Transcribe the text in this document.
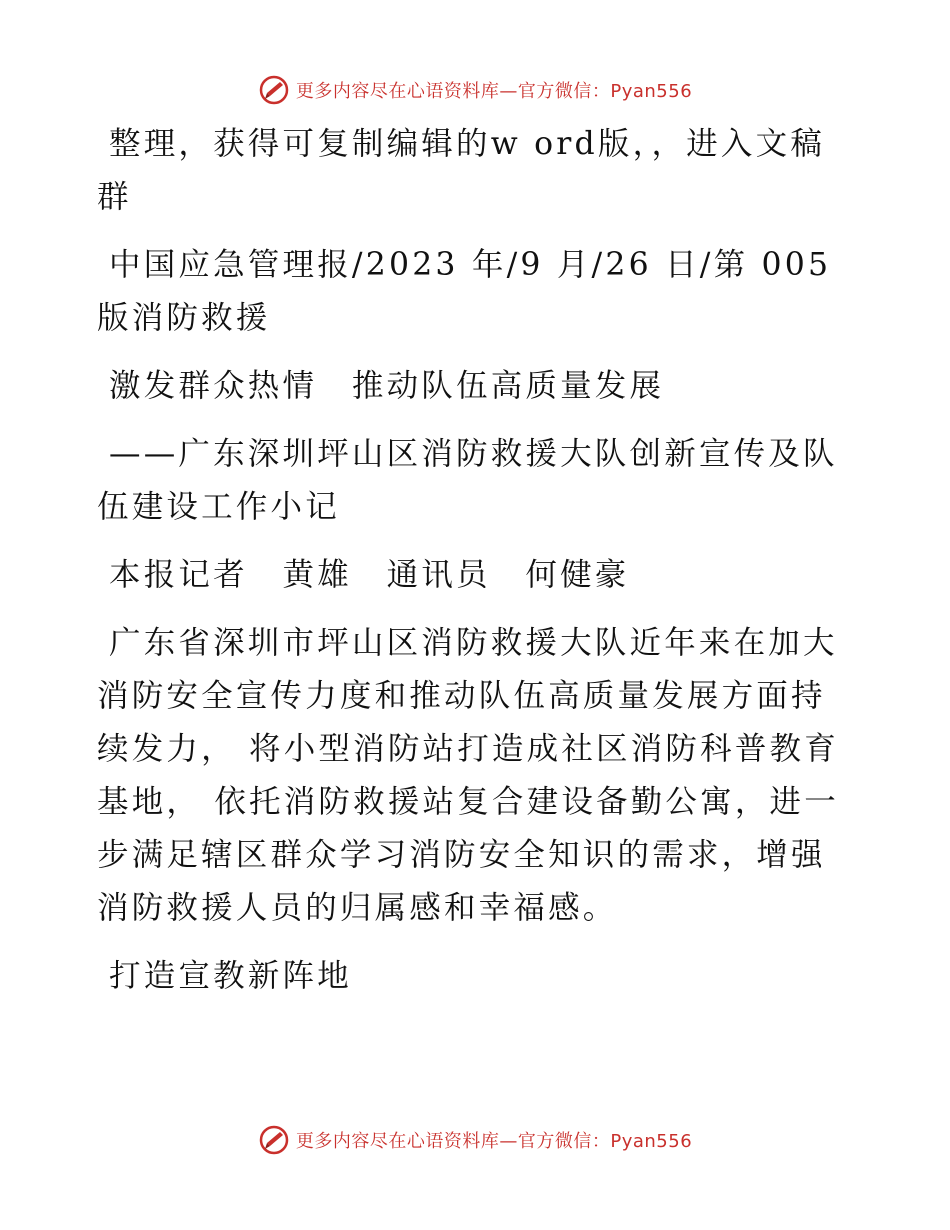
更多内容尽在心语资料库—官方微信：Pyan556

整理，获得可复制编辑的w ord版，，进入文稿群

中国应急管理报/2023 年/9 月/26 日/第 005 版消防救援

激发群众热情　推动队伍高质量发展

——广东深圳坪山区消防救援大队创新宣传及队伍建设工作小记

本报记者　黄雄　通讯员　何健豪

广东省深圳市坪山区消防救援大队近年来在加大消防安全宣传力度和推动队伍高质量发展方面持续发力， 将小型消防站打造成社区消防科普教育基地， 依托消防救援站复合建设备勤公寓，进一步满足辖区群众学习消防安全知识的需求，增强消防救援人员的归属感和幸福感。

打造宣教新阵地

更多内容尽在心语资料库—官方微信：Pyan556
